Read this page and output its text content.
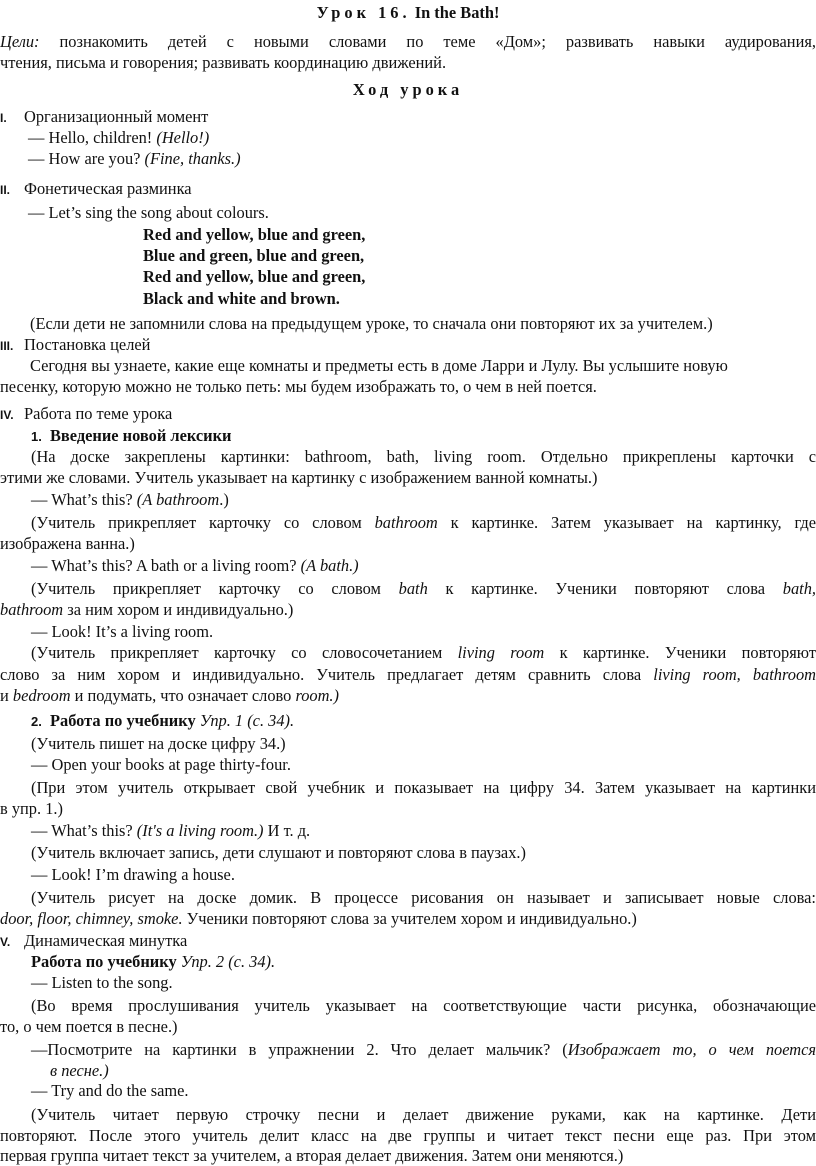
Урок 16. In the Bath!
Цели: познакомить детей с новыми словами по теме «Дом»; развивать навыки аудирования,
чтения, письма и говорения; развивать координацию движений.
Ход урока
I. Организационный момент
— Hello, children! (Hello!)
— How are you? (Fine, thanks.)
II. Фонетическая разминка
— Let’s sing the song about colours.
Red and yellow, blue and green,
Blue and green, blue and green,
Red and yellow, blue and green,
Black and white and brown.
(Если дети не запомнили слова на предыдущем уроке, то сначала они повторяют их за учителем.)
III. Постановка целей
Сегодня вы узнаете, какие еще комнаты и предметы есть в доме Ларри и Лулу. Вы услышите новую
песенку, которую можно не только петь: мы будем изображать то, о чем в ней поется.
IV. Работа по теме урока
1. Введение новой лексики
(На доске закреплены картинки: bathroom, bath, living room. Отдельно прикреплены карточки с
этими же словами. Учитель указывает на картинку с изображением ванной комнаты.)
— What’s this? (A bathroom.)
(Учитель прикрепляет карточку со словом bathroom к картинке. Затем указывает на картинку, где
изображена ванна.)
— What’s this? A bath or a living room? (A bath.)
(Учитель прикрепляет карточку со словом bath к картинке. Ученики повторяют слова bath,
bathroom за ним хором и индивидуально.)
— Look! It’s a living room.
(Учитель прикрепляет карточку со словосочетанием living room к картинке. Ученики повторяют
слово за ним хором и индивидуально. Учитель предлагает детям сравнить слова living room, bathroom
и bedroom и подумать, что означает слово room.)
2. Работа по учебнику Упр. 1 (с. 34).
(Учитель пишет на доске цифру 34.)
— Open your books at page thirty-four.
(При этом учитель открывает свой учебник и показывает на цифру 34. Затем указывает на картинки
в упр. 1.)
— What’s this? (It's a living room.) И т. д.
(Учитель включает запись, дети слушают и повторяют слова в паузах.)
— Look! I’m drawing a house.
(Учитель рисует на доске домик. В процессе рисования он называет и записывает новые слова:
door, floor, chimney, smoke. Ученики повторяют слова за учителем хором и индивидуально.)
V. Динамическая минутка
Работа по учебнику Упр. 2 (с. 34).
— Listen to the song.
(Во время прослушивания учитель указывает на соответствующие части рисунка, обозначающие
то, о чем поется в песне.)
—Посмотрите на картинки в упражнении 2. Что делает мальчик? (Изображает то, о чем поется
в песне.)
— Try and do the same.
(Учитель читает первую строчку песни и делает движение руками, как на картинке. Дети
повторяют. После этого учитель делит класс на две группы и читает текст песни еще раз. При этом
первая группа читает текст за учителем, а вторая делает движения. Затем они меняются.)
